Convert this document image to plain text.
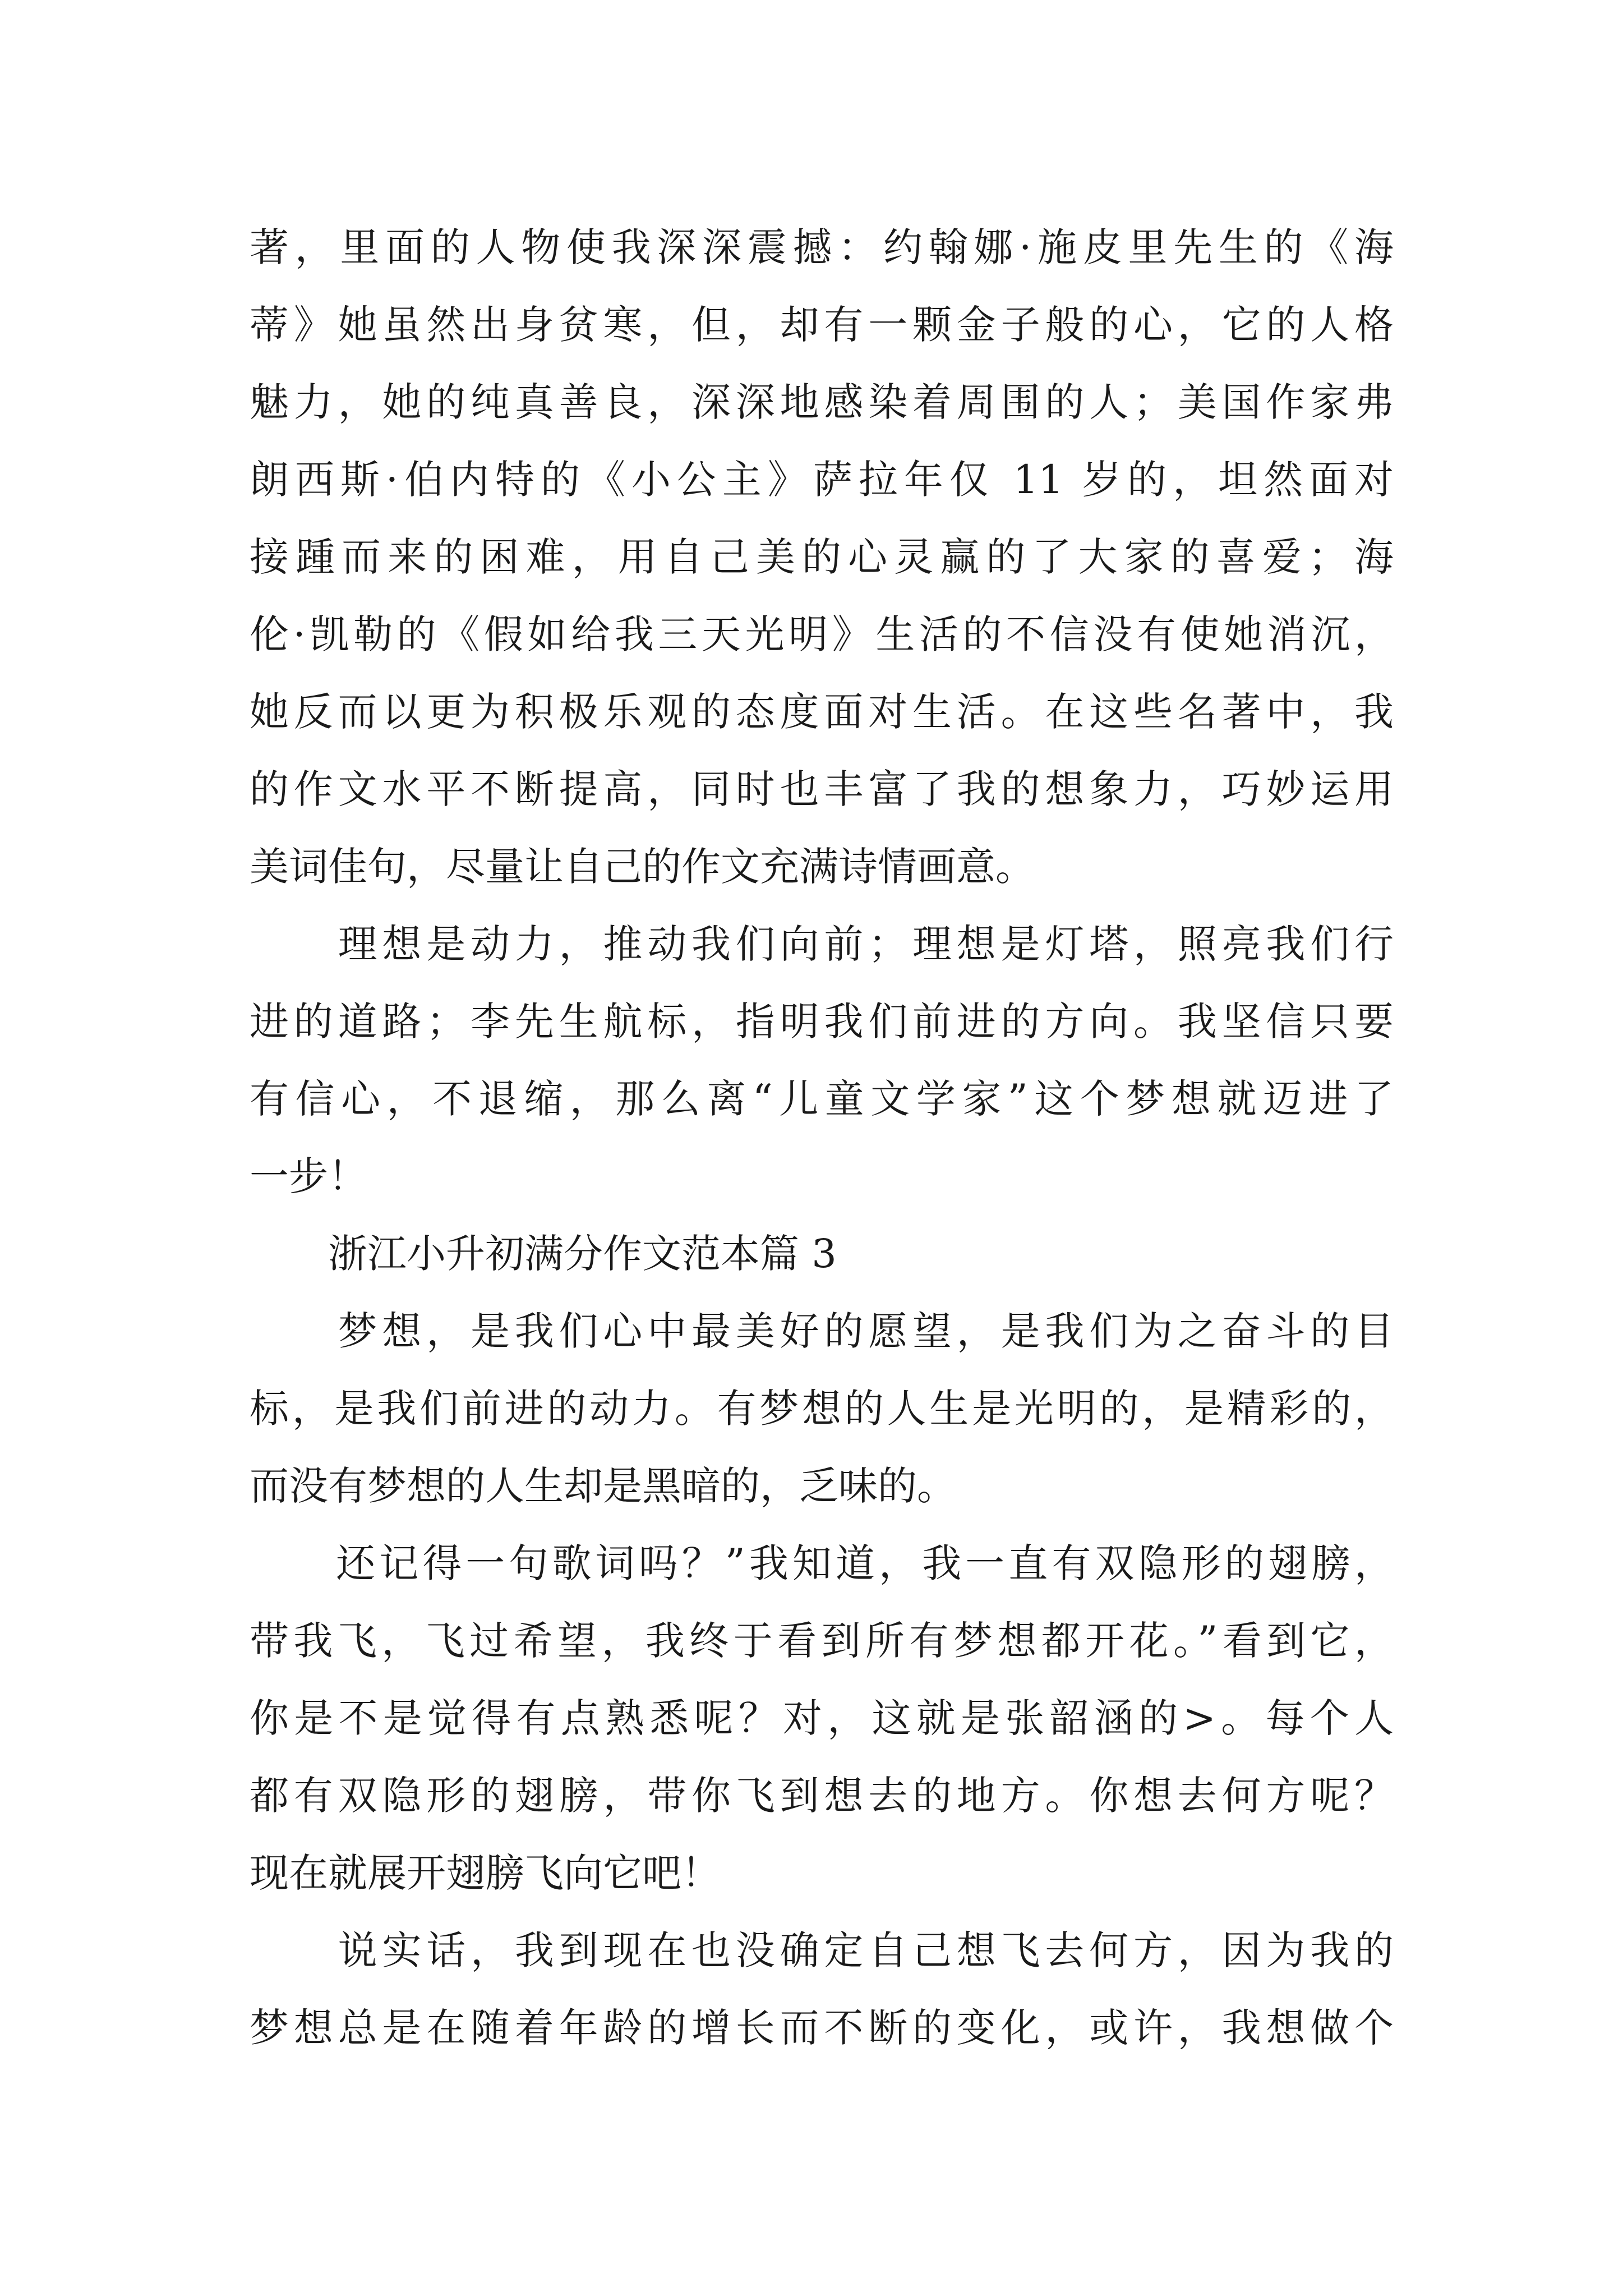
著，里面的人物使我深深震撼：约翰娜·施皮里先生的《海
蒂》她虽然出身贫寒，但，却有一颗金子般的心，它的人格
魅力，她的纯真善良，深深地感染着周围的人；美国作家弗
朗西斯·伯内特的《小公主》萨拉年仅 11 岁的，坦然面对
接踵而来的困难，用自己美的心灵赢的了大家的喜爱；海
伦·凯勒的《假如给我三天光明》生活的不信没有使她消沉，
她反而以更为积极乐观的态度面对生活。在这些名著中，我
的作文水平不断提高，同时也丰富了我的想象力，巧妙运用
美词佳句，尽量让自己的作文充满诗情画意。
　　理想是动力，推动我们向前；理想是灯塔，照亮我们行
进的道路；李先生航标，指明我们前进的方向。我坚信只要
有信心，不退缩，那么离“儿童文学家”这个梦想就迈进了
一步！
　　浙江小升初满分作文范本篇 3
　　梦想，是我们心中最美好的愿望，是我们为之奋斗的目
标，是我们前进的动力。有梦想的人生是光明的，是精彩的，
而没有梦想的人生却是黑暗的，乏味的。
　　还记得一句歌词吗？”我知道，我一直有双隐形的翅膀，
带我飞，飞过希望，我终于看到所有梦想都开花。”看到它，
你是不是觉得有点熟悉呢？对，这就是张韶涵的>。每个人
都有双隐形的翅膀，带你飞到想去的地方。你想去何方呢？
现在就展开翅膀飞向它吧！
　　说实话，我到现在也没确定自己想飞去何方，因为我的
梦想总是在随着年龄的增长而不断的变化，或许，我想做个
